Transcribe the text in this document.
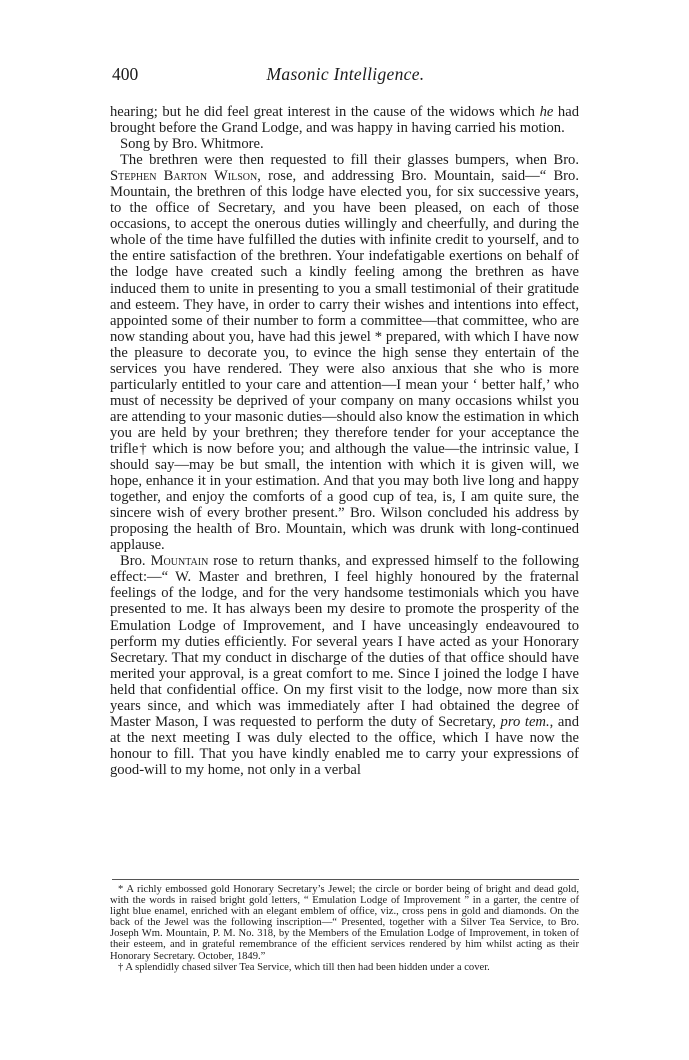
400	Masonic Intelligence.

hearing; but he did feel great interest in the cause of the widows which he had brought before the Grand Lodge, and was happy in having carried his motion.

Song by Bro. Whitmore.

The brethren were then requested to fill their glasses bumpers, when Bro. Stephen Barton Wilson, rose, and addressing Bro. Mountain, said—“ Bro. Mountain, the brethren of this lodge have elected you, for six successive years, to the office of Secretary, and you have been pleased, on each of those occasions, to accept the onerous duties willingly and cheerfully, and during the whole of the time have fulfilled the duties with infinite credit to yourself, and to the entire satisfaction of the brethren. Your indefatigable exertions on behalf of the lodge have created such a kindly feeling among the brethren as have induced them to unite in presenting to you a small testimonial of their gratitude and esteem. They have, in order to carry their wishes and intentions into effect, appointed some of their number to form a committee—that committee, who are now standing about you, have had this jewel * prepared, with which I have now the pleasure to decorate you, to evince the high sense they entertain of the services you have rendered. They were also anxious that she who is more particularly entitled to your care and attention—I mean your ‘ better half,’ who must of necessity be deprived of your company on many occasions whilst you are attending to your masonic duties—should also know the estimation in which you are held by your brethren; they therefore tender for your acceptance the trifle† which is now before you; and although the value—the intrinsic value, I should say—may be but small, the intention with which it is given will, we hope, enhance it in your estimation. And that you may both live long and happy together, and enjoy the comforts of a good cup of tea, is, I am quite sure, the sincere wish of every brother present.” Bro. Wilson concluded his address by proposing the health of Bro. Mountain, which was drunk with long-continued applause.

Bro. Mountain rose to return thanks, and expressed himself to the following effect:—“ W. Master and brethren, I feel highly honoured by the fraternal feelings of the lodge, and for the very handsome testimonials which you have presented to me. It has always been my desire to promote the prosperity of the Emulation Lodge of Improvement, and I have unceasingly endeavoured to perform my duties efficiently. For several years I have acted as your Honorary Secretary. That my conduct in discharge of the duties of that office should have merited your approval, is a great comfort to me. Since I joined the lodge I have held that confidential office. On my first visit to the lodge, now more than six years since, and which was immediately after I had obtained the degree of Master Mason, I was requested to perform the duty of Secretary, pro tem., and at the next meeting I was duly elected to the office, which I have now the honour to fill. That you have kindly enabled me to carry your expressions of good-will to my home, not only in a verbal

* A richly embossed gold Honorary Secretary’s Jewel; the circle or border being of bright and dead gold, with the words in raised bright gold letters, “ Emulation Lodge of Improvement ” in a garter, the centre of light blue enamel, enriched with an elegant emblem of office, viz., cross pens in gold and diamonds. On the back of the Jewel was the following inscription—“ Presented, together with a Silver Tea Service, to Bro. Joseph Wm. Mountain, P. M. No. 318, by the Members of the Emulation Lodge of Improvement, in token of their esteem, and in grateful remembrance of the efficient services rendered by him whilst acting as their Honorary Secretary. October, 1849.”

† A splendidly chased silver Tea Service, which till then had been hidden under a cover.
